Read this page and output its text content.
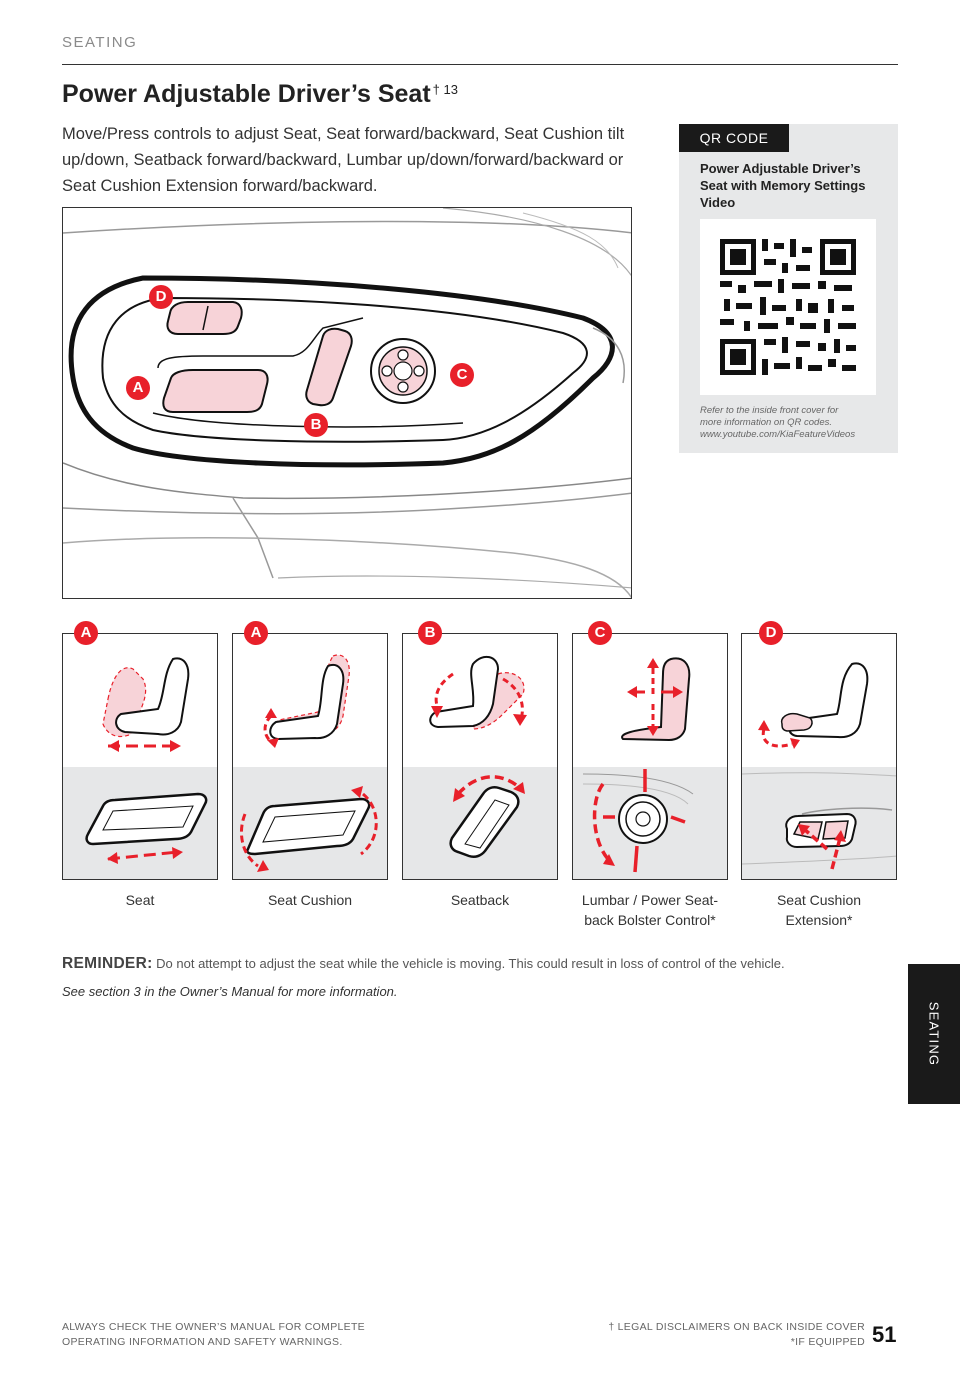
SEATING
Power Adjustable Driver’s Seat $^{\dagger 13}$

Move/Press controls to adjust Seat, Seat forward/backward, Seat Cushion tilt up/down, Seatback forward/backward, Lumbar up/down/forward/backward or Seat Cushion Extension forward/backward.

D
A
C
B
QR CODE
Power Adjustable Driver’s Seat with Memory Settings Video
Refer to the inside front cover for
more information on QR codes.
www.youtube.com/KiaFeatureVideos
A	A	B	C	D
Seat	Seat Cushion	Seatback	Lumbar / Power Seat-
back Bolster Control*
Seat Cushion
Extension*
REMINDER: Do not attempt to adjust the seat while the vehicle is moving. This could result in loss of control of the vehicle.
See section 3 in the Owner’s Manual for more information.
SEATING
ALWAYS CHECK THE OWNER’S MANUAL FOR COMPLETE
OPERATING INFORMATION AND SAFETY WARNINGS.
† LEGAL DISCLAIMERS ON BACK INSIDE COVER
*IF EQUIPPED 51
